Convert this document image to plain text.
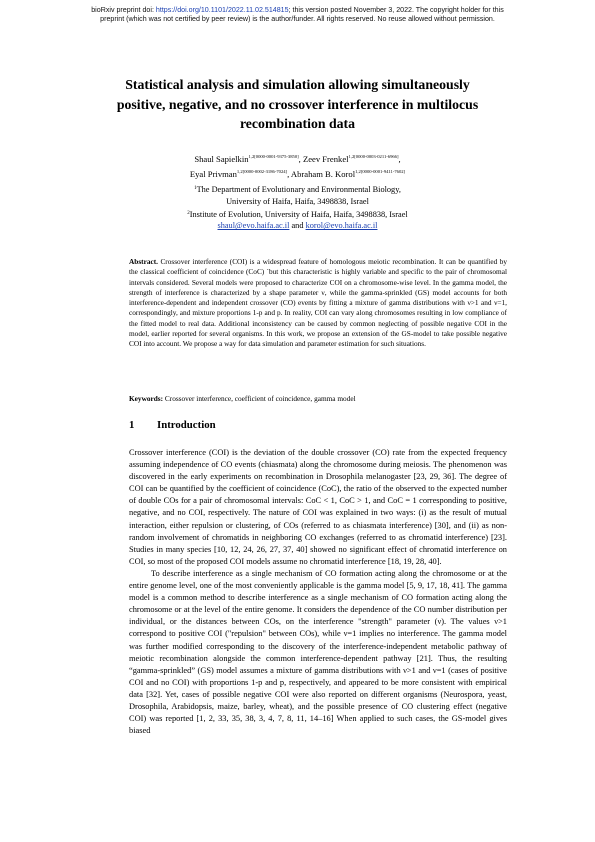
bioRxiv preprint doi: https://doi.org/10.1101/2022.11.02.514815; this version posted November 3, 2022. The copyright holder for this
preprint (which was not certified by peer review) is the author/funder. All rights reserved. No reuse allowed without permission.
Statistical analysis and simulation allowing simultaneously positive, negative, and no crossover interference in multilocus recombination data
Shaul Sapielkin$^{1,2[0000-0001-9375-3850]}$, Zeev Frenkel$^{1,2[0000-0003-0211-6966]}$,
Eyal Privman$^{1,2[0000-0002-3186-7024]}$, Abraham B. Korol$^{1,2[0000-0001-9411-7602]}$
$^1$The Department of Evolutionary and Environmental Biology,
University of Haifa, Haifa, 3498838, Israel
$^2$Institute of Evolution, University of Haifa, Haifa, 3498838, Israel
shaul@evo.haifa.ac.il and korol@evo.haifa.ac.il
Abstract. Crossover interference (COI) is a widespread feature of homologous meiotic recombination. It can be quantified by the classical coefficient of coincidence (CoC) `but this characteristic is highly variable and specific to the pair of chromosomal intervals considered. Several models were proposed to characterize COI on a chromosome-wise level. In the gamma model, the strength of interference is characterized by a shape parameter ν, while the gamma-sprinkled (GS) model accounts for both interference-dependent and independent crossover (CO) events by fitting a mixture of gamma distributions with ν>1 and ν=1, correspondingly, and mixture proportions 1-p and p. In reality, COI can vary along chromosomes resulting in low compliance of the fitted model to real data. Additional inconsistency can be caused by common neglecting of possible negative COI in the model, earlier reported for several organisms. In this work, we propose an extension of the GS-model to take possible negative COI into account. We propose a way for data simulation and parameter estimation for such situations.
Keywords: Crossover interference, coefficient of coincidence, gamma model
1 Introduction

Crossover interference (COI) is the deviation of the double crossover (CO) rate from the expected frequency assuming independence of CO events (chiasmata) along the chromosome during meiosis. The phenomenon was discovered in the early experiments on recombination in Drosophila melanogaster [23, 29, 36]. The degree of COI can be quantified by the coefficient of coincidence (CoC), the ratio of the observed to the expected number of double COs for a pair of chromosomal intervals: CoC < 1, CoC > 1, and CoC = 1 corresponding to positive, negative, and no COI, respectively. The nature of COI was explained in two ways: (i) as the result of mutual interaction, either repulsion or clustering, of COs (referred to as chiasmata interference) [30], and (ii) as non-random involvement of chromatids in neighboring CO exchanges (referred to as chromatid interference) [23]. Studies in many species [10, 12, 24, 26, 27, 37, 40] showed no significant effect of chromatid interference on COI, so most of the proposed COI models assume no chromatid interference [18, 19, 28, 40].

To describe interference as a single mechanism of CO formation acting along the chromosome or at the entire genome level, one of the most conveniently applicable is the gamma model [5, 9, 17, 18, 41]. The gamma model is a common method to describe interference as a single mechanism of CO formation acting along the chromosome or at the level of the entire genome. It considers the dependence of the CO number distribution per individual, or the distances between COs, on the interference "strength" parameter (ν). The values ν>1 correspond to positive COI ("repulsion" between COs), while ν=1 implies no interference. The gamma model was further modified corresponding to the discovery of the interference-independent metabolic pathway of meiotic recombination alongside the common interference-dependent pathway [21]. Thus, the resulting “gamma-sprinkled” (GS) model assumes a mixture of gamma distributions with ν>1 and ν=1 (cases of positive COI and no COI) with proportions 1-p and p, respectively, and appeared to be more consistent with empirical data [32]. Yet, cases of possible negative COI were also reported on different organisms (Neurospora, yeast, Drosophila, Arabidopsis, maize, barley, wheat), and the possible presence of CO clustering effect (negative COI) was reported [1, 2, 33, 35, 38, 3, 4, 7, 8, 11, 14–16] When applied to such cases, the GS-model gives biased
